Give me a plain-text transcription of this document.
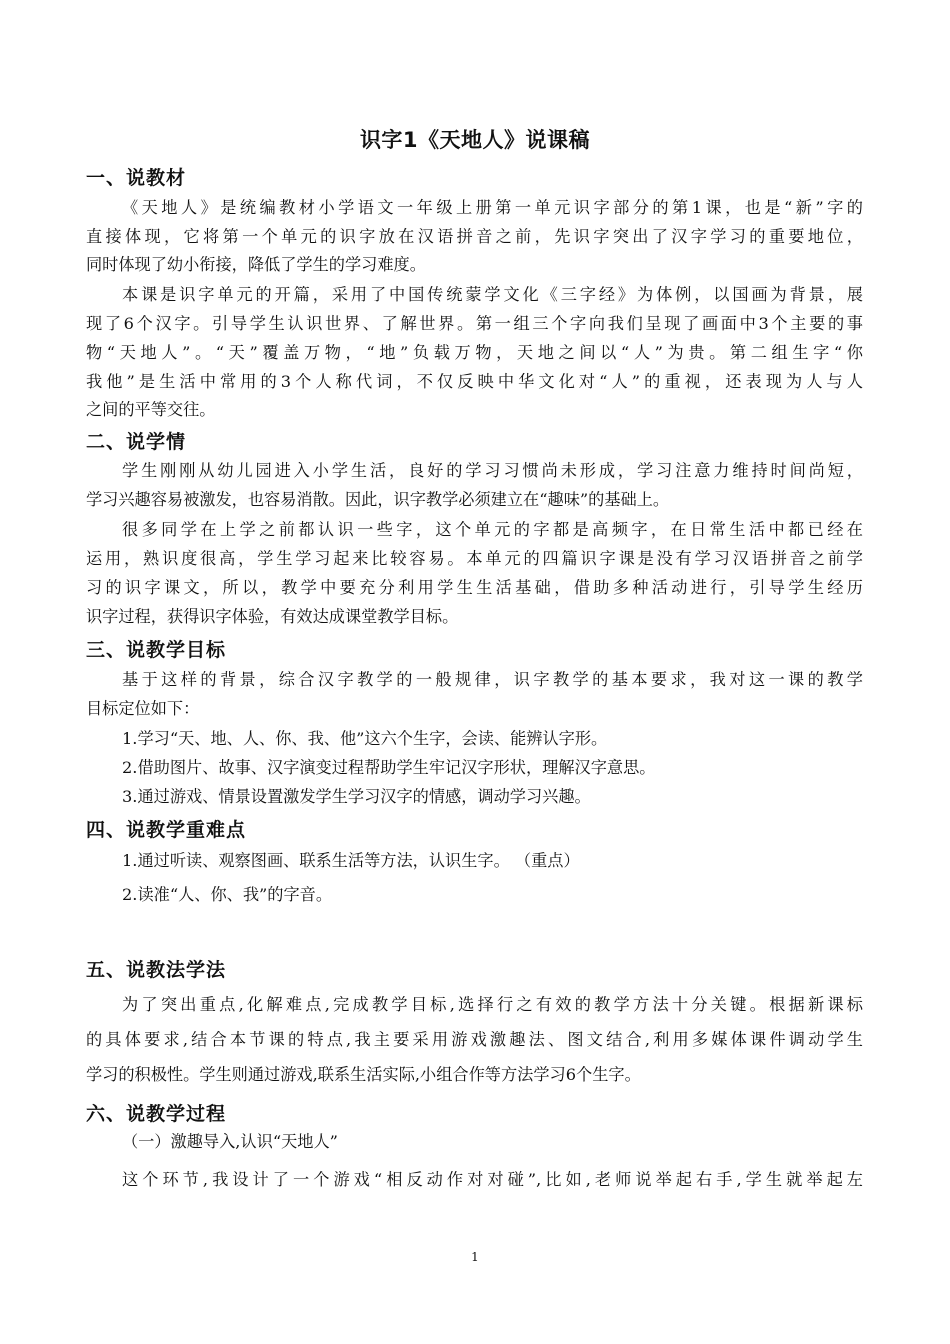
识字1《天地人》说课稿
一、说教材
《天地人》是统编教材小学语文一年级上册第一单元识字部分的第1课，也是“新”字的
直接体现，它将第一个单元的识字放在汉语拼音之前，先识字突出了汉字学习的重要地位，
同时体现了幼小衔接，降低了学生的学习难度。
本课是识字单元的开篇，采用了中国传统蒙学文化《三字经》为体例，以国画为背景，展
现了6个汉字。引导学生认识世界、了解世界。第一组三个字向我们呈现了画面中3个主要的事
物“天地人”。“天”覆盖万物，“地”负载万物，天地之间以“人”为贵。第二组生字“你
我他”是生活中常用的3个人称代词，不仅反映中华文化对“人”的重视，还表现为人与人
之间的平等交往。
二、说学情
学生刚刚从幼儿园进入小学生活，良好的学习习惯尚未形成，学习注意力维持时间尚短，
学习兴趣容易被激发，也容易消散。因此，识字教学必须建立在“趣味”的基础上。
很多同学在上学之前都认识一些字，这个单元的字都是高频字，在日常生活中都已经在
运用，熟识度很高，学生学习起来比较容易。本单元的四篇识字课是没有学习汉语拼音之前学
习的识字课文，所以，教学中要充分利用学生生活基础，借助多种活动进行，引导学生经历
识字过程，获得识字体验，有效达成课堂教学目标。
三、说教学目标
基于这样的背景，综合汉字教学的一般规律，识字教学的基本要求，我对这一课的教学
目标定位如下：
1.学习“天、地、人、你、我、他”这六个生字，会读、能辨认字形。
2.借助图片、故事、汉字演变过程帮助学生牢记汉字形状，理解汉字意思。
3.通过游戏、情景设置激发学生学习汉字的情感，调动学习兴趣。
四、说教学重难点
1.通过听读、观察图画、联系生活等方法，认识生字。 （重点）
2.读准“人、你、我”的字音。
五、说教法学法
为了突出重点,化解难点,完成教学目标,选择行之有效的教学方法十分关键。根据新课标
的具体要求,结合本节课的特点,我主要采用游戏激趣法、图文结合,利用多媒体课件调动学生
学习的积极性。学生则通过游戏,联系生活实际,小组合作等方法学习6个生字。
六、说教学过程
（一）激趣导入,认识“天地人”
这个环节,我设计了一个游戏“相反动作对对碰”,比如,老师说举起右手,学生就举起左
1
